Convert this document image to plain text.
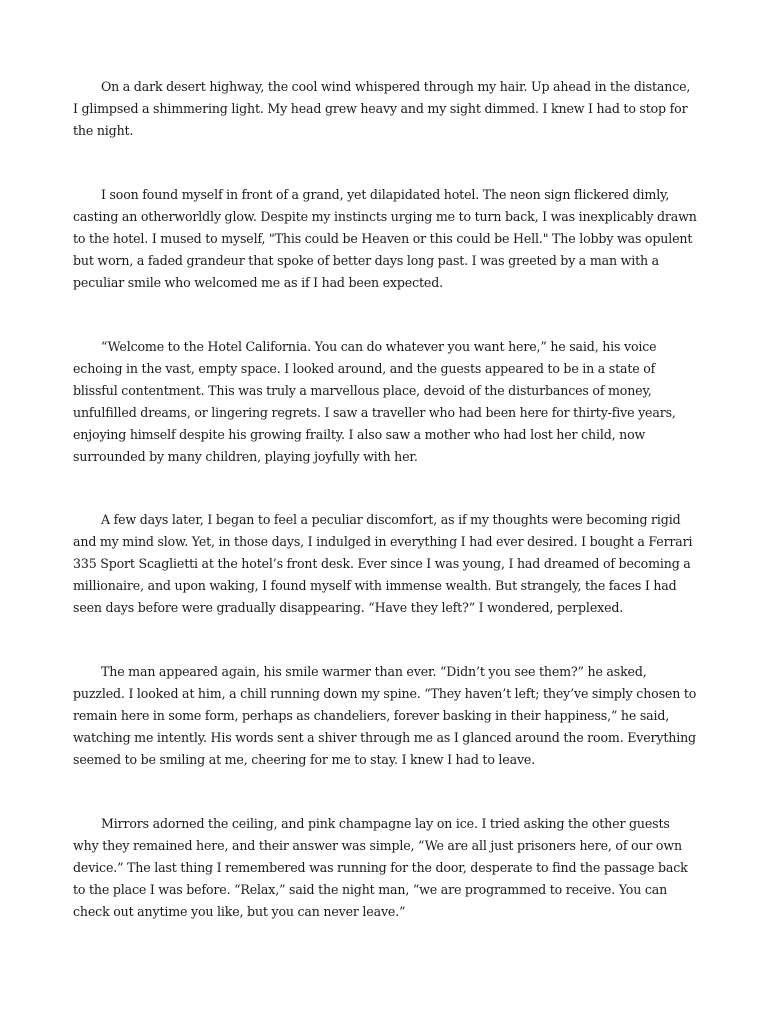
On a dark desert highway, the cool wind whispered through my hair. Up ahead in the distance, I glimpsed a shimmering light. My head grew heavy and my sight dimmed. I knew I had to stop for the night.

I soon found myself in front of a grand, yet dilapidated hotel. The neon sign flickered dimly, casting an otherworldly glow. Despite my instincts urging me to turn back, I was inexplicably drawn to the hotel. I mused to myself, "This could be Heaven or this could be Hell." The lobby was opulent but worn, a faded grandeur that spoke of better days long past. I was greeted by a man with a peculiar smile who welcomed me as if I had been expected.

“Welcome to the Hotel California. You can do whatever you want here,” he said, his voice echoing in the vast, empty space. I looked around, and the guests appeared to be in a state of blissful contentment. This was truly a marvellous place, devoid of the disturbances of money, unfulfilled dreams, or lingering regrets. I saw a traveller who had been here for thirty-five years, enjoying himself despite his growing frailty. I also saw a mother who had lost her child, now surrounded by many children, playing joyfully with her.

A few days later, I began to feel a peculiar discomfort, as if my thoughts were becoming rigid and my mind slow. Yet, in those days, I indulged in everything I had ever desired. I bought a Ferrari 335 Sport Scaglietti at the hotel’s front desk. Ever since I was young, I had dreamed of becoming a millionaire, and upon waking, I found myself with immense wealth. But strangely, the faces I had seen days before were gradually disappearing. “Have they left?” I wondered, perplexed.

The man appeared again, his smile warmer than ever. “Didn’t you see them?” he asked, puzzled. I looked at him, a chill running down my spine. “They haven’t left; they’ve simply chosen to remain here in some form, perhaps as chandeliers, forever basking in their happiness,” he said, watching me intently. His words sent a shiver through me as I glanced around the room. Everything seemed to be smiling at me, cheering for me to stay. I knew I had to leave.

Mirrors adorned the ceiling, and pink champagne lay on ice. I tried asking the other guests why they remained here, and their answer was simple, “We are all just prisoners here, of our own device.” The last thing I remembered was running for the door, desperate to find the passage back to the place I was before. “Relax,” said the night man, “we are programmed to receive. You can check out anytime you like, but you can never leave.”
